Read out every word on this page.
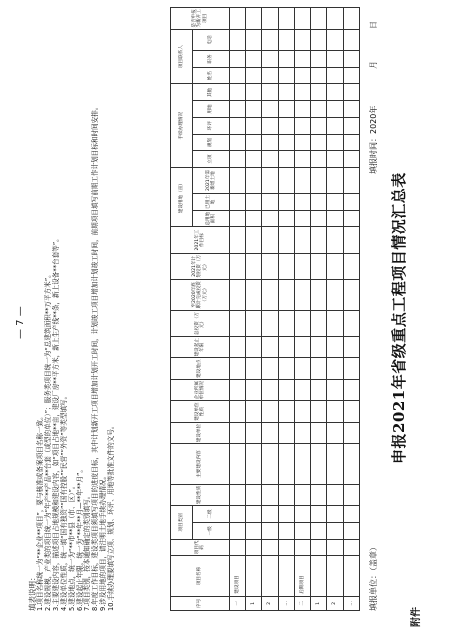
附件
申报2021年省级重点工程项目情况汇总表
填报单位：（盖章）
填报时间：2020年
月
日
序号	项目名称	项目代码	项目类别		建设性质	主要建设内容	建设单位	建设单位性质	企业所属单位情况	建设地点	建设起止年限	总投资（万元）	至2020年底累计完成投资（万元）	2021年计划投资（万元）	2021年工作目标	建设用地（亩）			手续办理情况					项目联系人			是否申报为新开工项目
			一级	二级												总用地面积	已用土地	2021年需新增土地	立项	规划	环评	用地	其他	姓名	职务	电话	

一	建设项目																										
1																											
2																											
…																											
二	后期项目																										
1																											
2																											
…																											
填表说明： 1.项目名称统一为“**企业**项目”，要与核准或备案项目名称一致。 2.建设规模，产业类的项目统一为“年产**产品**台套（或型的单位）”；服务类项目统一为“总建筑面积**万平方米”。 3.主要建设内容，描述项目占地规模和建设内容，如“项目占地**亩，建设厂房**平方米，新上生产线**条，新上设备**台套等”。 4.建设单位性质，统一填“国有独资”“国有控股”“民营”“外资”等类型填写。 5.建设地点，统一为“**市**县（市、区）”。 6.建设起止年限，统一为“**年**月—**年**月”。 7.项目类别，按本通知确定的类别填写。 8.年度工作目标，建设类项目须填写项目的进度目标，其中计划新开工项目增加计划开工时间，计划竣工项目增加计划竣工时间，前期项目填写前期工作计划目标和时间安排。 9.涉及用地的项目，请注明土地手续办理情况。 10.手续办理要填写立项、规划、环评、用地等批准文件的文号。
— 7 —
